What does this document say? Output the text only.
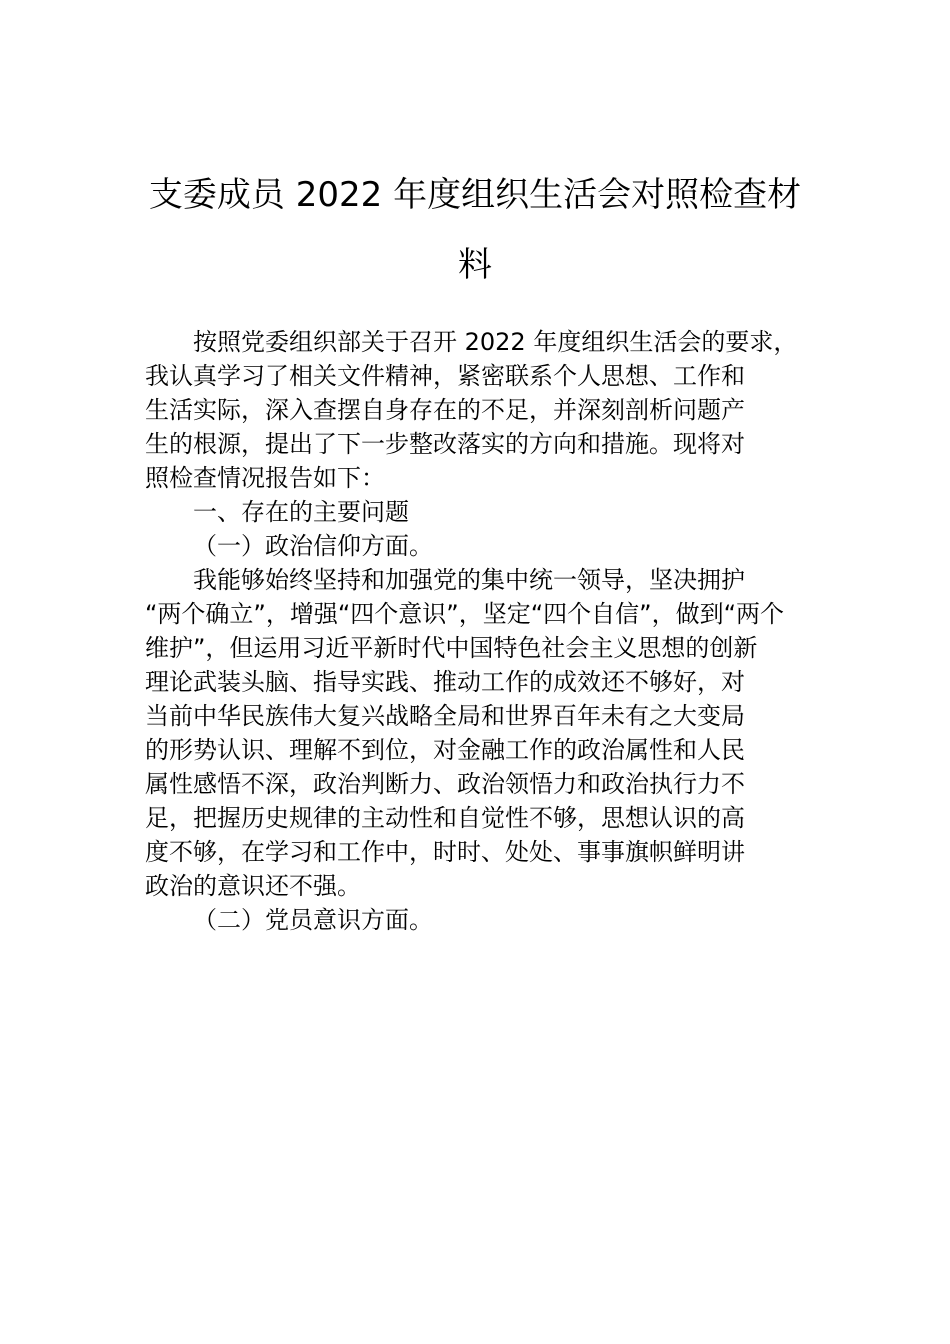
支委成员 2022 年度组织生活会对照检查材
料
按照党委组织部关于召开 2022 年度组织生活会的要求，
我认真学习了相关文件精神，紧密联系个人思想、工作和
生活实际，深入查摆自身存在的不足，并深刻剖析问题产
生的根源，提出了下一步整改落实的方向和措施。现将对
照检查情况报告如下：
一、存在的主要问题
（一）政治信仰方面。
我能够始终坚持和加强党的集中统一领导，坚决拥护
“两个确立”，增强“四个意识”，坚定“四个自信”，做到“两个
维护”，但运用习近平新时代中国特色社会主义思想的创新
理论武装头脑、指导实践、推动工作的成效还不够好，对
当前中华民族伟大复兴战略全局和世界百年未有之大变局
的形势认识、理解不到位，对金融工作的政治属性和人民
属性感悟不深，政治判断力、政治领悟力和政治执行力不
足，把握历史规律的主动性和自觉性不够，思想认识的高
度不够，在学习和工作中，时时、处处、事事旗帜鲜明讲
政治的意识还不强。
（二）党员意识方面。
